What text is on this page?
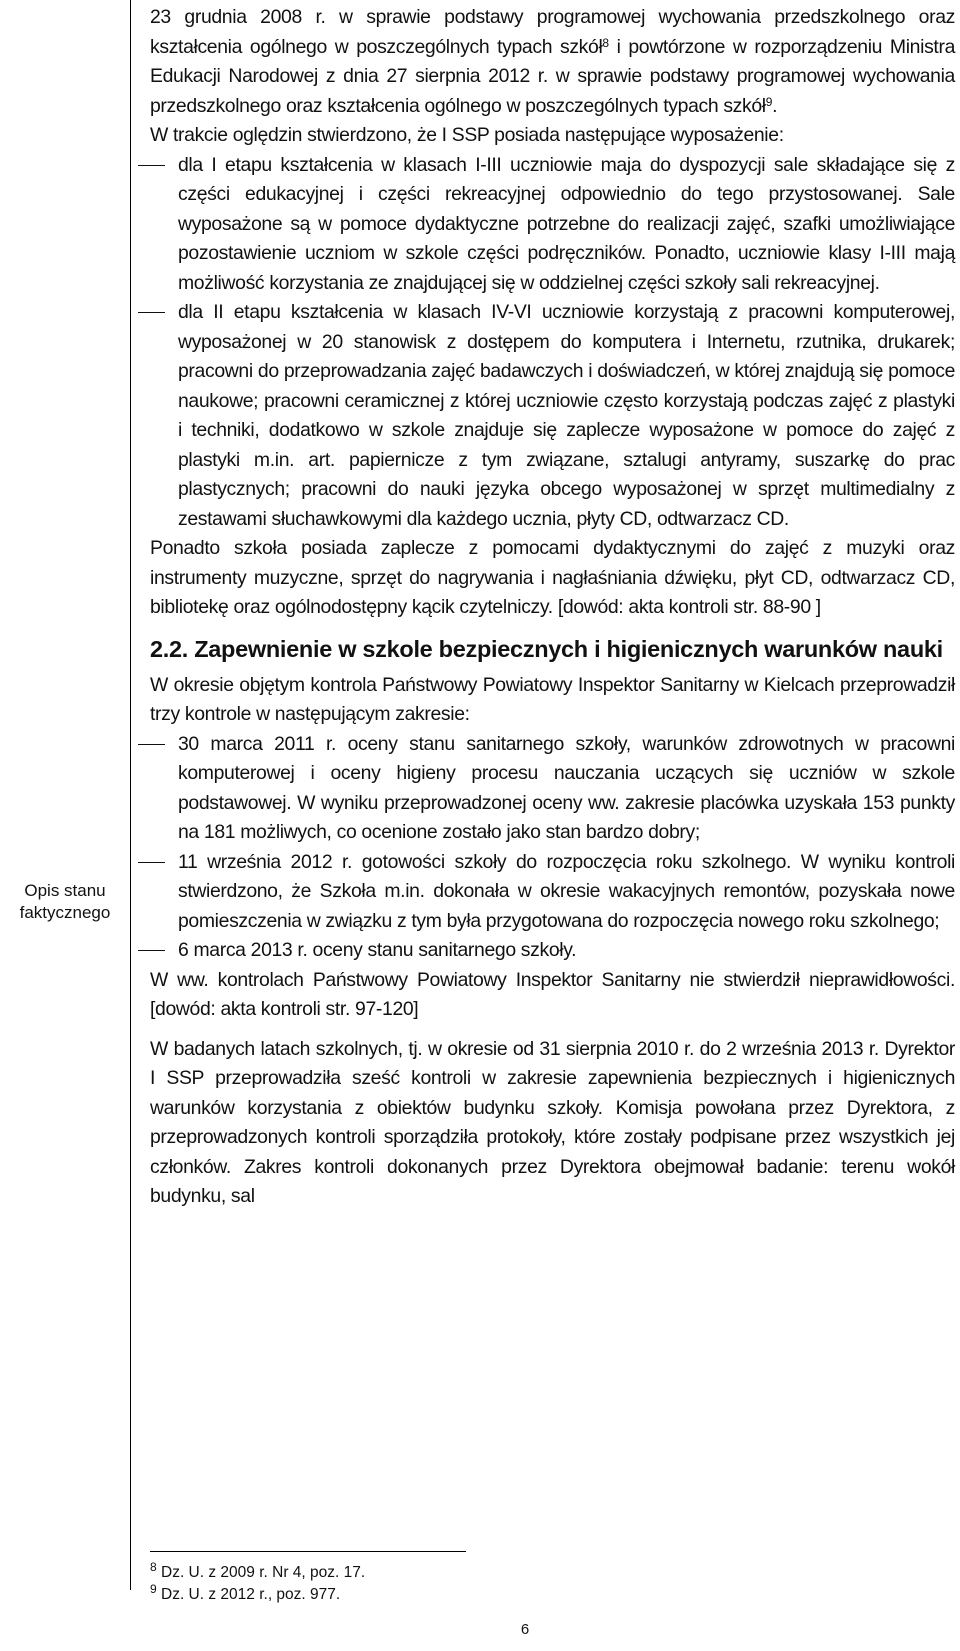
Opis stanu
faktycznego

23 grudnia 2008 r. w sprawie podstawy programowej wychowania przedszkolnego oraz kształcenia ogólnego w poszczególnych typach szkół$^8$ i powtórzone w rozporządzeniu Ministra Edukacji Narodowej z dnia 27 sierpnia 2012 r. w sprawie podstawy programowej wychowania przedszkolnego oraz kształcenia ogólnego w poszczególnych typach szkół$^9$.

W trakcie oględzin stwierdzono, że I SSP posiada następujące wyposażenie:

dla I etapu kształcenia w klasach I-III uczniowie maja do dyspozycji sale składające się z części edukacyjnej i części rekreacyjnej odpowiednio do tego przystosowanej. Sale wyposażone są w pomoce dydaktyczne potrzebne do realizacji zajęć, szafki umożliwiające pozostawienie uczniom w szkole części podręczników. Ponadto, uczniowie klasy I-III mają możliwość korzystania ze znajdującej się w oddzielnej części szkoły sali rekreacyjnej.

dla II etapu kształcenia w klasach IV-VI uczniowie korzystają z pracowni komputerowej, wyposażonej w 20 stanowisk z dostępem do komputera i Internetu, rzutnika, drukarek; pracowni do przeprowadzania zajęć badawczych i doświadczeń, w której znajdują się pomoce naukowe; pracowni ceramicznej z której uczniowie często korzystają podczas zajęć z plastyki i techniki, dodatkowo w szkole znajduje się zaplecze wyposażone w pomoce do zajęć z plastyki m.in. art. papiernicze z tym związane, sztalugi antyramy, suszarkę do prac plastycznych; pracowni do nauki języka obcego wyposażonej w sprzęt multimedialny z zestawami słuchawkowymi dla każdego ucznia, płyty CD, odtwarzacz CD.

Ponadto szkoła posiada zaplecze z pomocami dydaktycznymi do zajęć z muzyki oraz instrumenty muzyczne, sprzęt do nagrywania i nagłaśniania dźwięku, płyt CD, odtwarzacz CD, bibliotekę oraz ogólnodostępny kącik czytelniczy. [dowód: akta kontroli str. 88-90 ]

2.2. Zapewnienie w szkole bezpiecznych i higienicznych warunków nauki

W okresie objętym kontrola Państwowy Powiatowy Inspektor Sanitarny w Kielcach przeprowadził trzy kontrole w następującym zakresie:

30 marca 2011 r. oceny stanu sanitarnego szkoły, warunków zdrowotnych w pracowni komputerowej i oceny higieny procesu nauczania uczących się uczniów w szkole podstawowej. W wyniku przeprowadzonej oceny ww. zakresie placówka uzyskała 153 punkty na 181 możliwych, co ocenione zostało jako stan bardzo dobry;

11 września 2012 r. gotowości szkoły do rozpoczęcia roku szkolnego. W wyniku kontroli stwierdzono, że Szkoła m.in. dokonała w okresie wakacyjnych remontów, pozyskała nowe pomieszczenia w związku z tym była przygotowana do rozpoczęcia nowego roku szkolnego;

6 marca 2013 r. oceny stanu sanitarnego szkoły.

W ww. kontrolach Państwowy Powiatowy Inspektor Sanitarny nie stwierdził nieprawidłowości. [dowód: akta kontroli str. 97-120]

W badanych latach szkolnych, tj. w okresie od 31 sierpnia 2010 r. do 2 września 2013 r. Dyrektor I SSP przeprowadziła sześć kontroli w zakresie zapewnienia bezpiecznych i higienicznych warunków korzystania z obiektów budynku szkoły. Komisja powołana przez Dyrektora, z przeprowadzonych kontroli sporządziła protokoły, które zostały podpisane przez wszystkich jej członków. Zakres kontroli dokonanych przez Dyrektora obejmował badanie: terenu wokół budynku, sal

$^8$ Dz. U. z 2009 r. Nr 4, poz. 17.
$^9$ Dz. U. z 2012 r., poz. 977.
6
